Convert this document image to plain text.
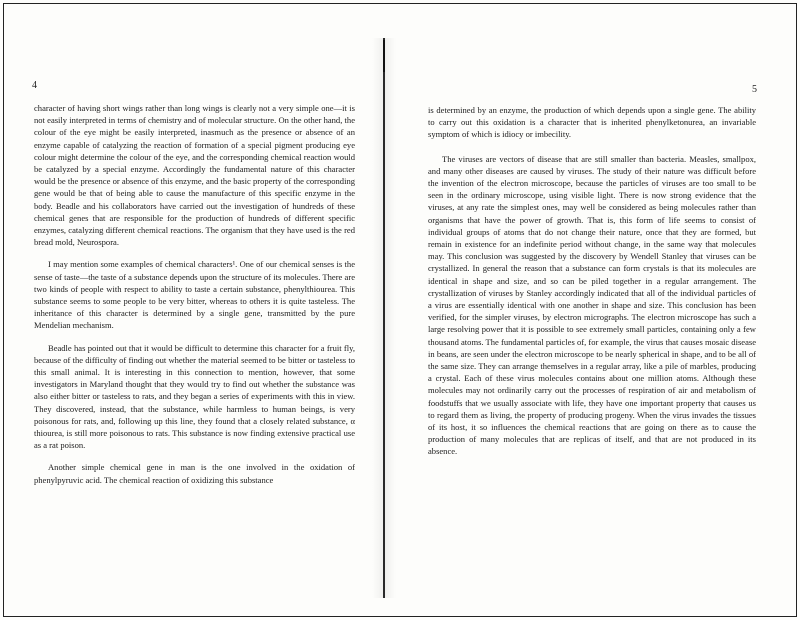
4	5

character of having short wings rather than long wings is clearly not a very simple one—it is not easily interpreted in terms of chemistry and of molecular structure. On the other hand, the colour of the eye might be easily interpreted, inasmuch as the presence or absence of an enzyme capable of catalyzing the reaction of formation of a special pigment producing eye colour might determine the colour of the eye, and the corresponding chemical reaction would be catalyzed by a special enzyme. Accordingly the fundamental nature of this character would be the presence or absence of this enzyme, and the basic property of the corresponding gene would be that of being able to cause the manufacture of this specific enzyme in the body. Beadle and his collaborators have carried out the investigation of hundreds of these chemical genes that are responsible for the production of hundreds of different specific enzymes, catalyzing different chemical reactions. The organism that they have used is the red bread mold, Neurospora.

I may mention some examples of chemical characters¹. One of our chemical senses is the sense of taste—the taste of a substance depends upon the structure of its molecules. There are two kinds of people with respect to ability to taste a certain substance, phenylthiourea. This substance seems to some people to be very bitter, whereas to others it is quite tasteless. The inheritance of this character is determined by a single gene, transmitted by the pure Mendelian mechanism.

Beadle has pointed out that it would be difficult to determine this character for a fruit fly, because of the difficulty of finding out whether the material seemed to be bitter or tasteless to this small animal. It is interesting in this connection to mention, however, that some investigators in Maryland thought that they would try to find out whether the substance was also either bitter or tasteless to rats, and they began a series of experiments with this in view. They discovered, instead, that the substance, while harmless to human beings, is very poisonous for rats, and, following up this line, they found that a closely related substance, α thiourea, is still more poisonous to rats. This substance is now finding extensive practical use as a rat poison.

Another simple chemical gene in man is the one involved in the oxidation of phenylpyruvic acid. The chemical reaction of oxidizing this substance

is determined by an enzyme, the production of which depends upon a single gene. The ability to carry out this oxidation is a character that is inherited phenylketonurea, an invariable symptom of which is idiocy or imbecility.

The viruses are vectors of disease that are still smaller than bacteria. Measles, smallpox, and many other diseases are caused by viruses. The study of their nature was difficult before the invention of the electron microscope, because the particles of viruses are too small to be seen in the ordinary microscope, using visible light. There is now strong evidence that the viruses, at any rate the simplest ones, may well be considered as being molecules rather than organisms that have the power of growth. That is, this form of life seems to consist of individual groups of atoms that do not change their nature, once that they are formed, but remain in existence for an indefinite period without change, in the same way that molecules may. This conclusion was suggested by the discovery by Wendell Stanley that viruses can be crystallized. In general the reason that a substance can form crystals is that its molecules are identical in shape and size, and so can be piled together in a regular arrangement. The crystallization of viruses by Stanley accordingly indicated that all of the individual particles of a virus are essentially identical with one another in shape and size. This conclusion has been verified, for the simpler viruses, by electron micrographs. The electron microscope has such a large resolving power that it is possible to see extremely small particles, containing only a few thousand atoms. The fundamental particles of, for example, the virus that causes mosaic disease in beans, are seen under the electron microscope to be nearly spherical in shape, and to be all of the same size. They can arrange themselves in a regular array, like a pile of marbles, producing a crystal. Each of these virus molecules contains about one million atoms. Although these molecules may not ordinarily carry out the processes of respiration of air and metabolism of foodstuffs that we usually associate with life, they have one important property that causes us to regard them as living, the property of producing progeny. When the virus invades the tissues of its host, it so influences the chemical reactions that are going on there as to cause the production of many molecules that are replicas of itself, and that are not produced in its absence.
